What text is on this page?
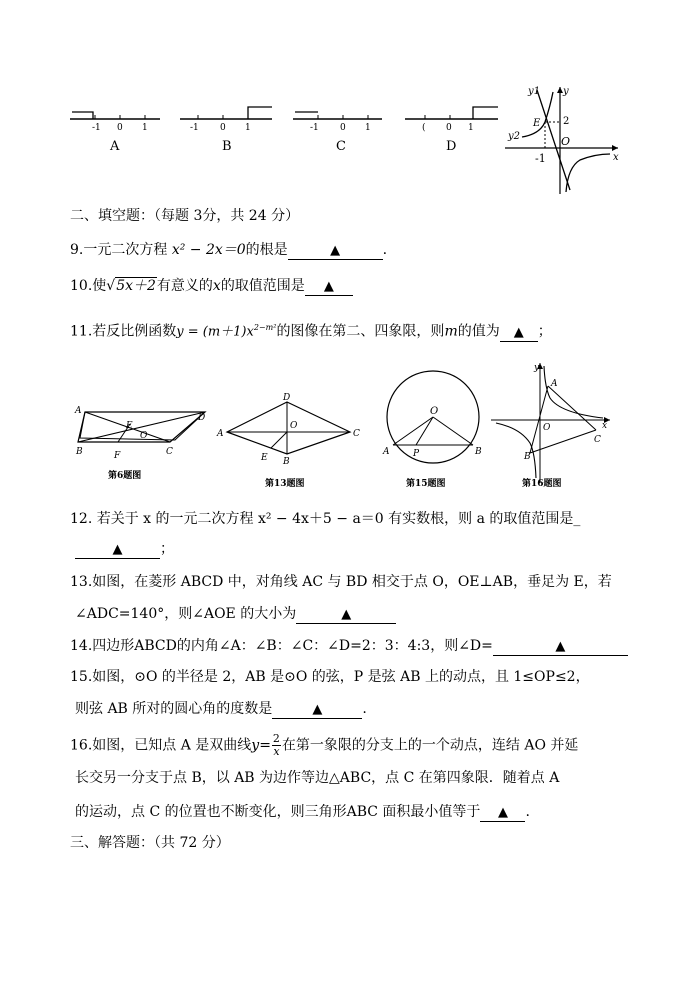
-1 0 1
A
-1 0 1
B
-1 0 1
C
( 0 1
D
y1 y
E 2
y2	O
-1	x
二、填空题：（每题 3分，共 24 分）
9.一元二次方程 x² − 2x＝0的根是	▲	.
10.使√5x＋2有意义的x的取值范围是 ▲
11.若反比例函数$y = (m+1)x^{2-m^2}$的图像在第二、四象限，则m的值为 ▲ ；
A
D
E
O
F
B	C
第6题图
A
D
O
C
E B
第13题图
O
A	P	B
第15题图
y
A
O	x
C
B
第16题图
12. 若关于 x 的一元二次方程 x² − 4x＋5 − a＝0 有实数根，则 a 的取值范围是_
▲	；
13.如图，在菱形 ABCD 中，对角线 AC 与 BD 相交于点 O，OE⊥AB，垂足为 E，若
∠ADC=140°，则∠AOE 的大小为	▲
14.四边形ABCD的内角∠A：∠B：∠C：∠D=2：3：4:3，则∠D=	▲
15.如图，⊙O 的半径是 2，AB 是⊙O 的弦，P 是弦 AB 上的动点，且 1≤OP≤2，
则弦 AB 所对的圆心角的度数是	▲	.
16.如图，已知点 A 是双曲线$y= \frac{2}{x}$ 在第一象限的分支上的一个动点，连结 AO 并延
长交另一分支于点 B，以 AB 为边作等边△ABC，点 C 在第四象限．随着点 A
的运动，点 C 的位置也不断变化，则三角形ABC 面积最小值等于 ▲ .
三、解答题：（共 72 分）
